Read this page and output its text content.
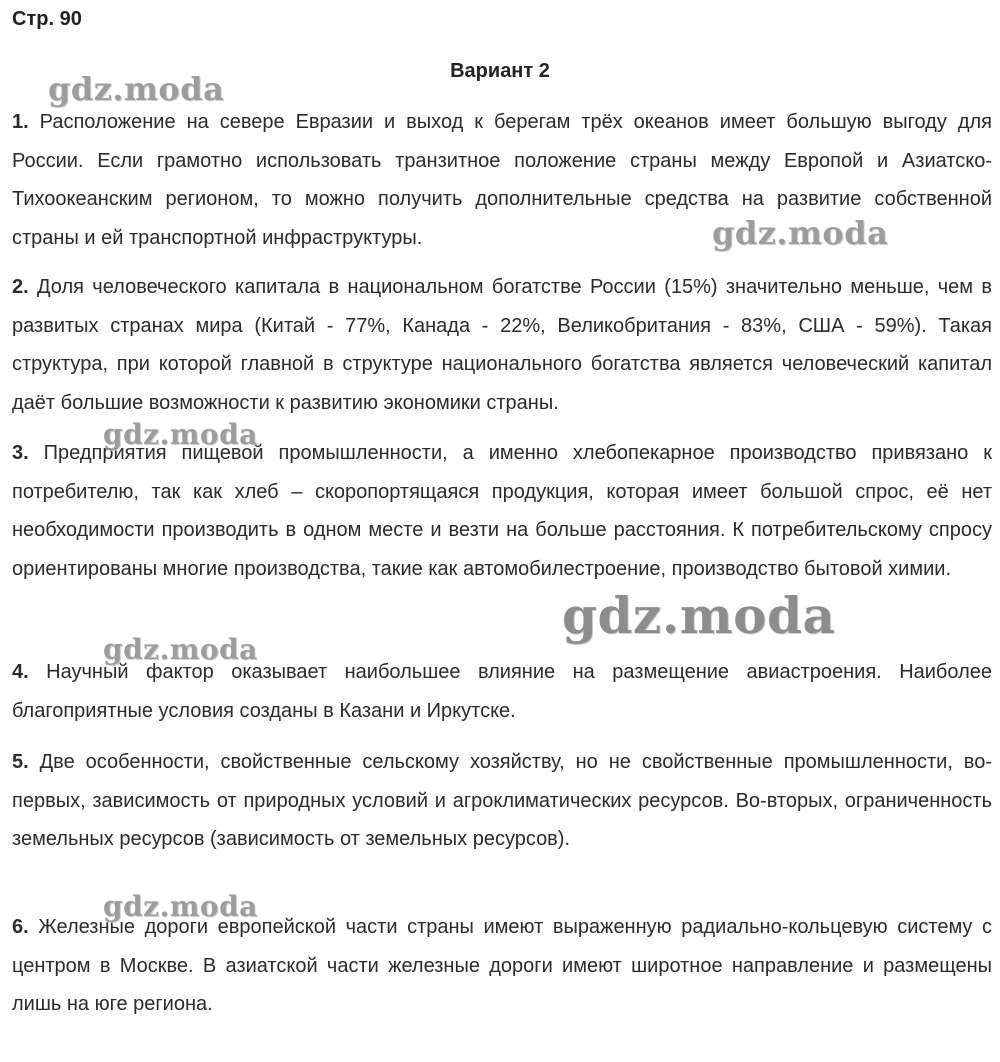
Стр. 90
Вариант 2

1. Расположение на севере Евразии и выход к берегам трёх океанов имеет большую выгоду для России. Если грамотно использовать транзитное положение страны между Европой и Азиатско-Тихоокеанским регионом, то можно получить дополнительные средства на развитие собственной страны и ей транспортной инфраструктуры.

2. Доля человеческого капитала в национальном богатстве России (15%) значительно меньше, чем в развитых странах мира (Китай - 77%, Канада - 22%, Великобритания - 83%, США - 59%). Такая структура, при которой главной в структуре национального богатства является человеческий капитал даёт большие возможности к развитию экономики страны.

3. Предприятия пищевой промышленности, а именно хлебопекарное производство привязано к потребителю, так как хлеб – скоропортящаяся продукция, которая имеет большой спрос, её нет необходимости производить в одном месте и везти на больше расстояния. К потребительскому спросу ориентированы многие производства, такие как автомобилестроение, производство бытовой химии.

4. Научный фактор оказывает наибольшее влияние на размещение авиастроения. Наиболее благоприятные условия созданы в Казани и Иркутске.

5. Две особенности, свойственные сельскому хозяйству, но не свойственные промышленности, во-первых, зависимость от природных условий и агроклиматических ресурсов. Во-вторых, ограниченность земельных ресурсов (зависимость от земельных ресурсов).

6. Железные дороги европейской части страны имеют выраженную радиально-кольцевую систему с центром в Москве. В азиатской части железные дороги имеют широтное направление и размещены лишь на юге региона.

gdz.moda
gdz.moda
gdz.moda
gdz.moda
gdz.moda
gdz.moda
